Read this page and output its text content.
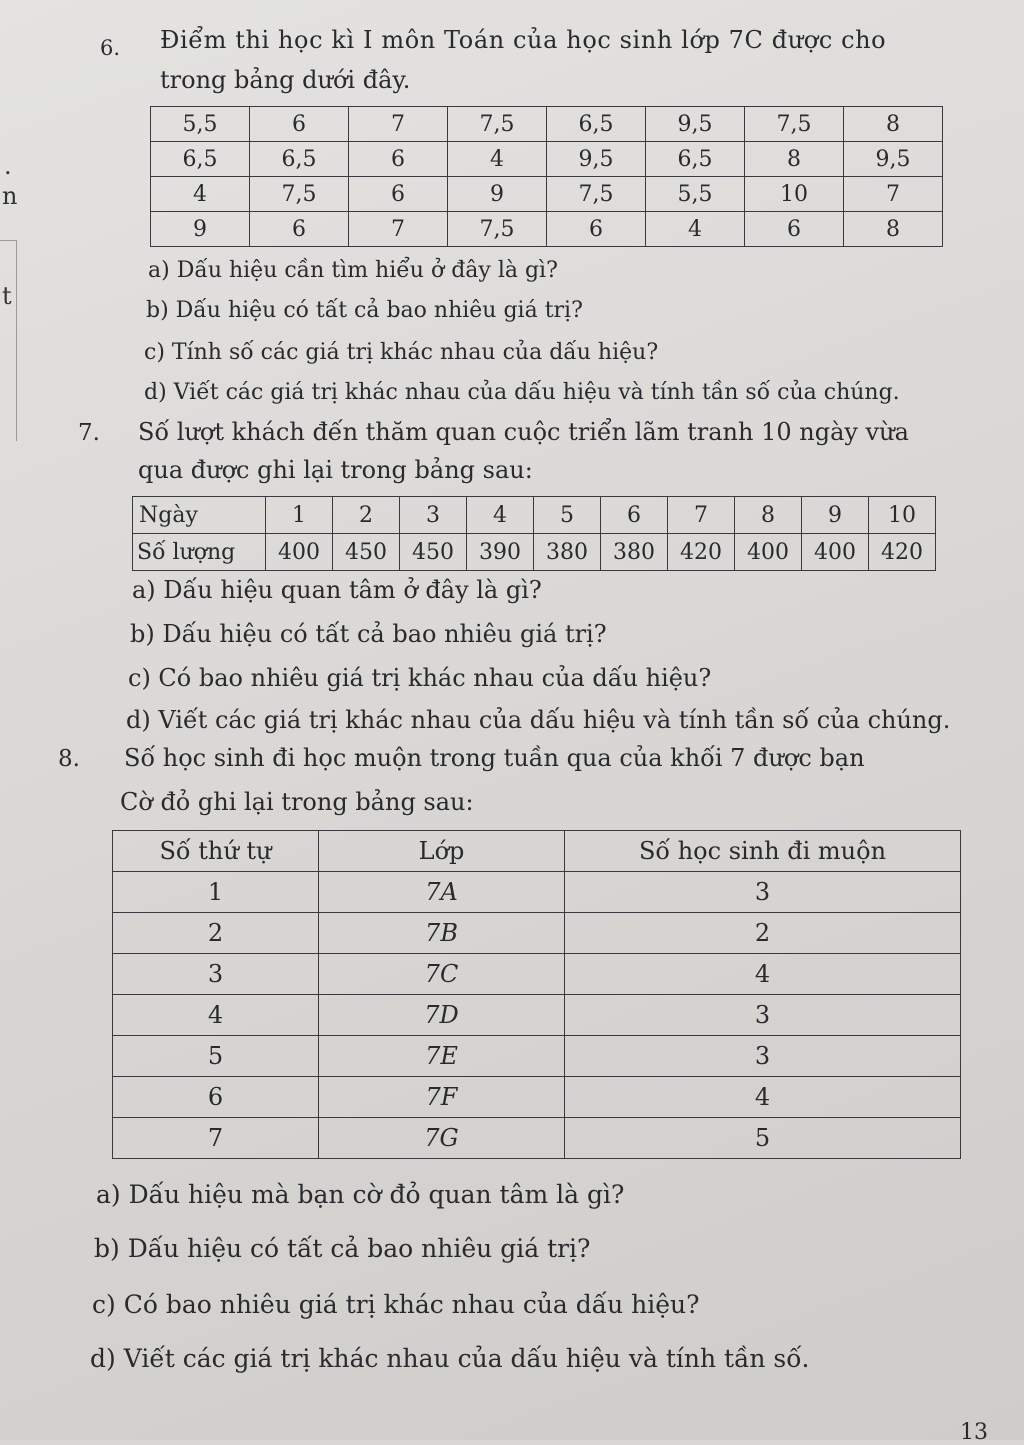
.
n
t
6. Điểm thi học kì I môn Toán của học sinh lớp 7C được cho
trong bảng dưới đây.
5,5	6	7	7,5	6,5	9,5	7,5	8
6,5	6,5	6	4	9,5	6,5	8	9,5
4	7,5	6	9	7,5	5,5	10	7
9	6	7	7,5	6	4	6	8
a) Dấu hiệu cần tìm hiểu ở đây là gì?
b) Dấu hiệu có tất cả bao nhiêu giá trị?
c) Tính số các giá trị khác nhau của dấu hiệu?
d) Viết các giá trị khác nhau của dấu hiệu và tính tần số của chúng.
7. Số lượt khách đến thăm quan cuộc triển lãm tranh 10 ngày vừa
qua được ghi lại trong bảng sau:
Ngày	1	2	3	4	5	6	7	8	9	10
Số lượng	400	450	450	390	380	380	420	400	400	420
a) Dấu hiệu quan tâm ở đây là gì?
b) Dấu hiệu có tất cả bao nhiêu giá trị?
c) Có bao nhiêu giá trị khác nhau của dấu hiệu?
d) Viết các giá trị khác nhau của dấu hiệu và tính tần số của chúng.
8. Số học sinh đi học muộn trong tuần qua của khối 7 được bạn
Cờ đỏ ghi lại trong bảng sau:
Số thứ tự	Lớp	Số học sinh đi muộn
1	7A	3
2	7B	2
3	7C	4
4	7D	3
5	7E	3
6	7F	4
7	7G	5
a) Dấu hiệu mà bạn cờ đỏ quan tâm là gì?
b) Dấu hiệu có tất cả bao nhiêu giá trị?
c) Có bao nhiêu giá trị khác nhau của dấu hiệu?
d) Viết các giá trị khác nhau của dấu hiệu và tính tần số.
13
